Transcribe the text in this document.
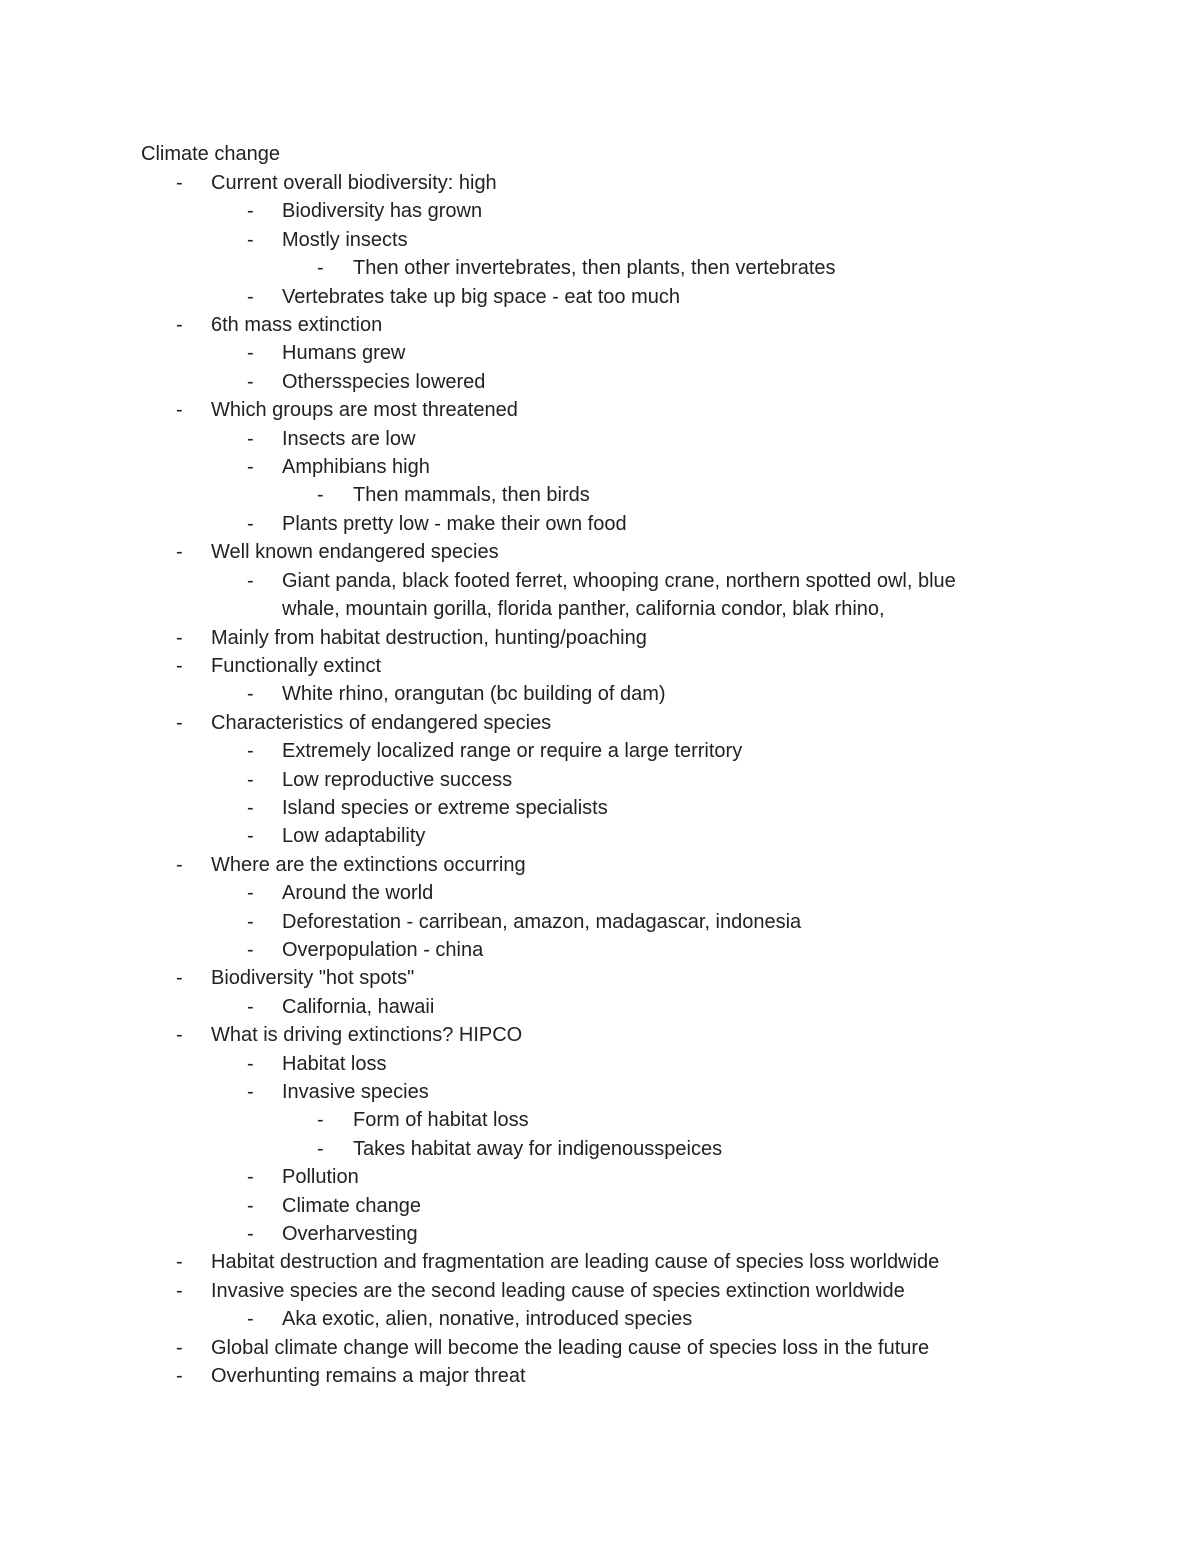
Climate change
- Current overall biodiversity: high
- Biodiversity has grown
- Mostly insects
- Then other invertebrates, then plants, then vertebrates
- Vertebrates take up big space - eat too much
- 6th mass extinction
- Humans grew
- Othersspecies lowered
- Which groups are most threatened
- Insects are low
- Amphibians high
- Then mammals, then birds
- Plants pretty low - make their own food
- Well known endangered species
- Giant panda, black footed ferret, whooping crane, northern spotted owl, blue
whale, mountain gorilla, florida panther, california condor, blak rhino,
- Mainly from habitat destruction, hunting/poaching
- Functionally extinct
- White rhino, orangutan (bc building of dam)
- Characteristics of endangered species
- Extremely localized range or require a large territory
- Low reproductive success
- Island species or extreme specialists
- Low adaptability
- Where are the extinctions occurring
- Around the world
- Deforestation - carribean, amazon, madagascar, indonesia
- Overpopulation - china
- Biodiversity "hot spots"
- California, hawaii
- What is driving extinctions? HIPCO
- Habitat loss
- Invasive species
- Form of habitat loss
- Takes habitat away for indigenousspeices
- Pollution
- Climate change
- Overharvesting
- Habitat destruction and fragmentation are leading cause of species loss worldwide
- Invasive species are the second leading cause of species extinction worldwide
- Aka exotic, alien, nonative, introduced species
- Global climate change will become the leading cause of species loss in the future
- Overhunting remains a major threat
